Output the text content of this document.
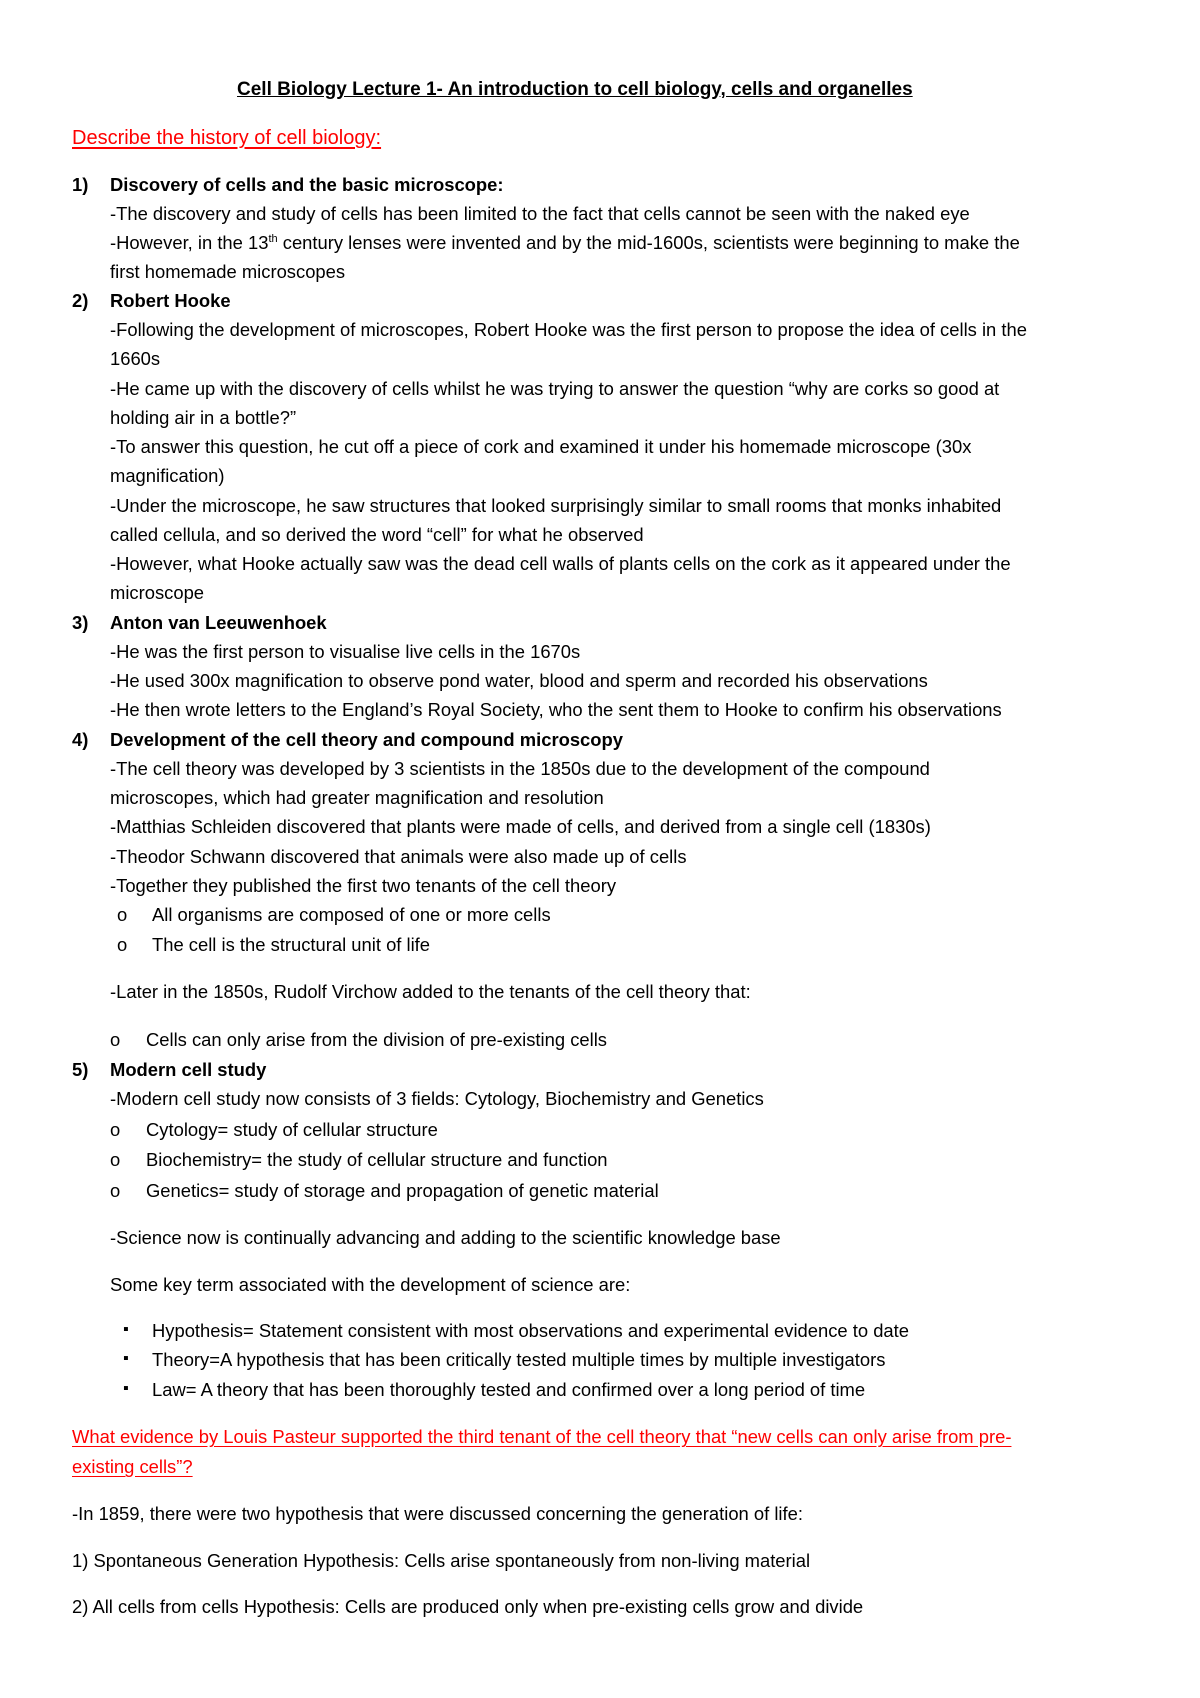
Cell Biology Lecture 1- An introduction to cell biology, cells and organelles
Describe the history of cell biology:
1) Discovery of cells and the basic microscope:
-The discovery and study of cells has been limited to the fact that cells cannot be seen with the naked eye
-However, in the 13th century lenses were invented and by the mid-1600s, scientists were beginning to make the
first homemade microscopes
2) Robert Hooke
-Following the development of microscopes, Robert Hooke was the first person to propose the idea of cells in the
1660s
-He came up with the discovery of cells whilst he was trying to answer the question “why are corks so good at
holding air in a bottle?”
-To answer this question, he cut off a piece of cork and examined it under his homemade microscope (30x
magnification)
-Under the microscope, he saw structures that looked surprisingly similar to small rooms that monks inhabited
called cellula, and so derived the word “cell” for what he observed
-However, what Hooke actually saw was the dead cell walls of plants cells on the cork as it appeared under the
microscope
3) Anton van Leeuwenhoek
-He was the first person to visualise live cells in the 1670s
-He used 300x magnification to observe pond water, blood and sperm and recorded his observations
-He then wrote letters to the England’s Royal Society, who the sent them to Hooke to confirm his observations
4) Development of the cell theory and compound microscopy
-The cell theory was developed by 3 scientists in the 1850s due to the development of the compound
microscopes, which had greater magnification and resolution
-Matthias Schleiden discovered that plants were made of cells, and derived from a single cell (1830s)
-Theodor Schwann discovered that animals were also made up of cells
-Together they published the first two tenants of the cell theory
o All organisms are composed of one or more cells
o The cell is the structural unit of life
-Later in the 1850s, Rudolf Virchow added to the tenants of the cell theory that:
o Cells can only arise from the division of pre-existing cells
5) Modern cell study
-Modern cell study now consists of 3 fields: Cytology, Biochemistry and Genetics
o Cytology= study of cellular structure
o Biochemistry= the study of cellular structure and function
o Genetics= study of storage and propagation of genetic material
-Science now is continually advancing and adding to the scientific knowledge base
Some key term associated with the development of science are:
▪ Hypothesis= Statement consistent with most observations and experimental evidence to date
▪ Theory=A hypothesis that has been critically tested multiple times by multiple investigators
▪ Law= A theory that has been thoroughly tested and confirmed over a long period of time
What evidence by Louis Pasteur supported the third tenant of the cell theory that “new cells can only arise from pre-
existing cells”?
-In 1859, there were two hypothesis that were discussed concerning the generation of life:
1) Spontaneous Generation Hypothesis: Cells arise spontaneously from non-living material
2) All cells from cells Hypothesis: Cells are produced only when pre-existing cells grow and divide
